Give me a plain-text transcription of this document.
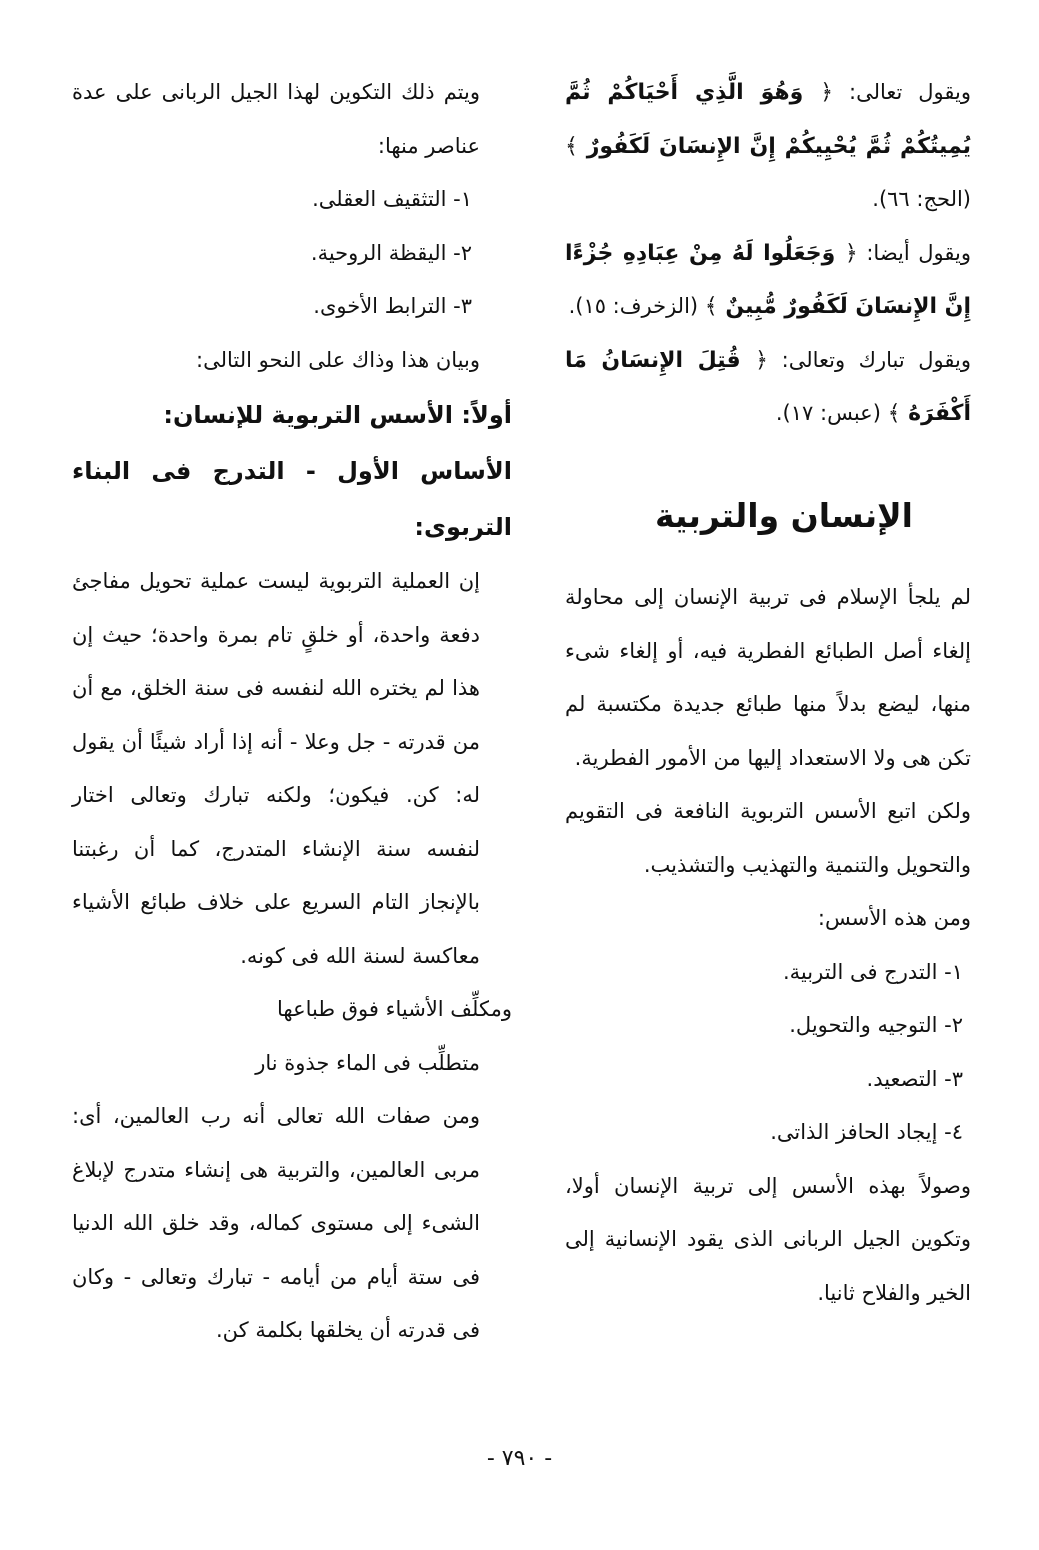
ويقول تعالى: ﴿ وَهُوَ الَّذِي أَحْيَاكُمْ ثُمَّ يُمِيتُكُمْ ثُمَّ يُحْيِيكُمْ إِنَّ الإِنسَانَ لَكَفُورٌ ﴾ (الحج: ٦٦).

ويقول أيضا: ﴿ وَجَعَلُوا لَهُ مِنْ عِبَادِهِ جُزْءًا إِنَّ الإِنسَانَ لَكَفُورٌ مُّبِينٌ ﴾ (الزخرف: ١٥).

ويقول تبارك وتعالى: ﴿ قُتِلَ الإِنسَانُ مَا أَكْفَرَهُ ﴾ (عبس: ١٧).

الإنسان والتربية

لم يلجأ الإسلام فى تربية الإنسان إلى محاولة إلغاء أصل الطبائع الفطرية فيه، أو إلغاء شىء منها، ليضع بدلاً منها طبائع جديدة مكتسبة لم تكن هى ولا الاستعداد إليها من الأمور الفطرية.

ولكن اتبع الأسس التربوية النافعة فى التقويم والتحويل والتنمية والتهذيب والتشذيب.

ومن هذه الأسس:

١- التدرج فى التربية.

٢- التوجيه والتحويل.

٣- التصعيد.

٤- إيجاد الحافز الذاتى.

وصولاً بهذه الأسس إلى تربية الإنسان أولا، وتكوين الجيل الربانى الذى يقود الإنسانية إلى الخير والفلاح ثانيا.

ويتم ذلك التكوين لهذا الجيل الربانى على عدة عناصر منها:

١- التثقيف العقلى.

٢- اليقظة الروحية.

٣- الترابط الأخوى.

وبيان هذا وذاك على النحو التالى:

أولاً: الأسس التربوية للإنسان:

الأساس الأول - التدرج فى البناء التربوى:

إن العملية التربوية ليست عملية تحويل مفاجئ دفعة واحدة، أو خلقٍ تام بمرة واحدة؛ حيث إن هذا لم يختره الله لنفسه فى سنة الخلق، مع أن من قدرته - جل وعلا - أنه إذا أراد شيئًا أن يقول له: كن. فيكون؛ ولكنه تبارك وتعالى اختار لنفسه سنة الإنشاء المتدرج، كما أن رغبتنا بالإنجاز التام السريع على خلاف طبائع الأشياء معاكسة لسنة الله فى كونه.

ومكلِّف الأشياء فوق طباعها

متطلِّب فى الماء جذوة نار

ومن صفات الله تعالى أنه رب العالمين، أى: مربى العالمين، والتربية هى إنشاء متدرج لإبلاغ الشىء إلى مستوى كماله، وقد خلق الله الدنيا فى ستة أيام من أيامه - تبارك وتعالى - وكان فى قدرته أن يخلقها بكلمة كن.

- ٧٩٠ -
